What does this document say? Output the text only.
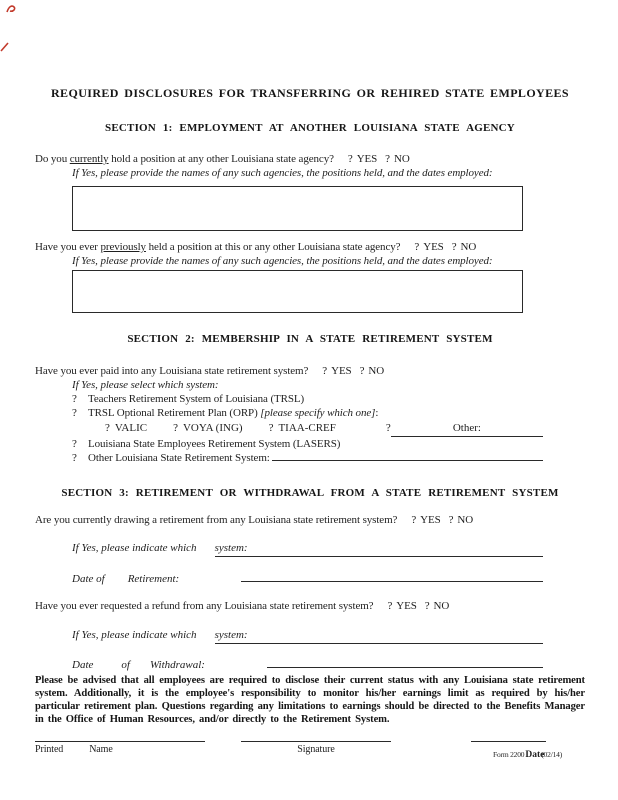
REQUIRED DISCLOSURES FOR TRANSFERRING OR REHIRED STATE EMPLOYEES
SECTION 1: EMPLOYMENT AT ANOTHER LOUISIANA STATE AGENCY
Do you currently hold a position at any other Louisiana state agency? ? YES ? NO
If Yes, please provide the names of any such agencies, the positions held, and the dates employed:
Have you ever previously held a position at this or any other Louisiana state agency? ? YES ? NO
If Yes, please provide the names of any such agencies, the positions held, and the dates employed:
SECTION 2: MEMBERSHIP IN A STATE RETIREMENT SYSTEM
Have you ever paid into any Louisiana state retirement system? ? YES ? NO
If Yes, please select which system:
? Teachers Retirement System of Louisiana (TRSL)
? TRSL Optional Retirement Plan (ORP) [please specify which one]:
? VALIC ? VOYA (ING) ? TIAA-CREF	?	Other:
? Louisiana State Employees Retirement System (LASERS)
? Other Louisiana State Retirement System:
SECTION 3: RETIREMENT OR WITHDRAWAL FROM A STATE RETIREMENT SYSTEM
Are you currently drawing a retirement from any Louisiana state retirement system? ? YES ? NO
If Yes, please indicate which system:
Date of Retirement:
Have you ever requested a refund from any Louisiana state retirement system? ? YES ? NO
If Yes, please indicate which system:
Date	of Withdrawal:
Please be advised that all employees are required to disclose their current status with any Louisiana state retirement system. Additionally, it is the employee's responsibility to monitor his/her earnings limit as required by his/her particular retirement plan. Questions regarding any limitations to earnings should be directed to the Benefits Manager in the Office of Human Resources, and/or directly to the Retirement System.
Printed	Name	Signature	Form 2200Date(02/14)
